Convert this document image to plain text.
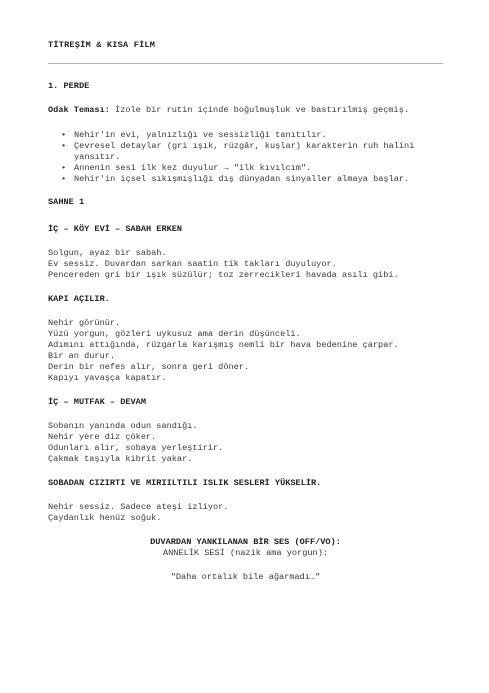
TİTREŞİM & KISA FİLM
1. PERDE
Odak Teması: İzole bir rutin içinde boğulmuşluk ve bastırılmış geçmiş.
• Nehir'in evi, yalnızlığı ve sessizliği tanıtılır.
• Çevresel detaylar (gri ışık, rüzgâr, kuşlar) karakterin ruh halini yansıtır.
• Annenin sesi ilk kez duyulur → "ilk kıvılcım".
• Nehir'in içsel sıkışmışlığı dış dünyadan sinyaller almaya başlar.
SAHNE 1
İÇ – KÖY EVİ – SABAH ERKEN
Solgun, ayaz bir sabah.
Ev sessiz. Duvardan sarkan saatin tik takları duyuluyor.
Pencereden gri bir ışık süzülür; toz zerrecikleri havada asılı gibi.
KAPI AÇILIR.
Nehir görünür.
Yüzü yorgun, gözleri uykusuz ama derin düşünceli.
Adımını attığında, rüzgarla karışmış nemli bir hava bedenine çarpar.
Bir an durur.
Derin bir nefes alır, sonra geri döner.
Kapıyı yavaşça kapatır.
İÇ – MUTFAK – DEVAM
Sobanın yanında odun sandığı.
Nehir yere diz çöker.
Odunları alır, sobaya yerleştirir.
Çakmak taşıyla kibrit yakar.
SOBADAN CIZIRTI VE MIRIILTILI ISLIK SESLERİ YÜKSELİR.
Nehir sessiz. Sadece ateşi izliyor.
Çaydanlık henüz soğuk.
DUVARDAN YANKILANAN BİR SES (OFF/VO):
ANNELİK SESİ (nazik ama yorgun):
"Daha ortalık bile ağarmadı…"
